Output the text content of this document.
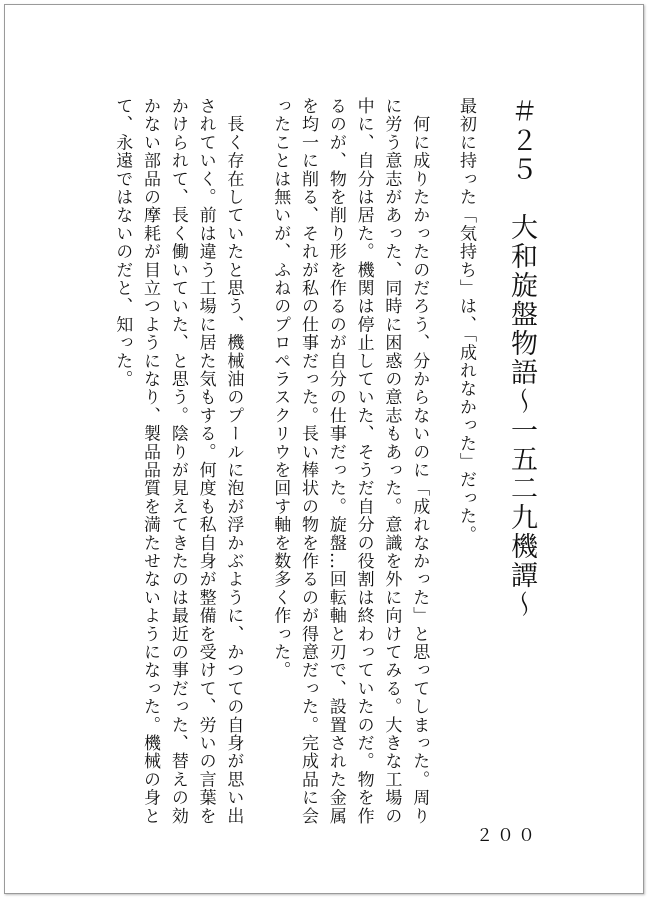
＃２５　大和旋盤物語～一五二九機譚～
最初に持った「気持ち」は、「成れなかった」だった。
　何に成りたかったのだろう、分からないのに「成れなかった」と思ってしまった。周り
に労う意志があった、同時に困惑の意志もあった。意識を外に向けてみる。大きな工場の
中に、自分は居た。機関は停止していた、そうだ自分の役割は終わっていたのだ。物を作
るのが、物を削り形を作るのが自分の仕事だった。旋盤…回転軸と刃で、設置された金属
を均一に削る、それが私の仕事だった。長い棒状の物を作るのが得意だった。完成品に会
ったことは無いが、ふねのプロペラスクリウを回す軸を数多く作った。
　長く存在していたと思う、機械油のプールに泡が浮かぶように、かつての自身が思い出
されていく。前は違う工場に居た気もする。何度も私自身が整備を受けて、労いの言葉を
かけられて、長く働いていた、と思う。陰りが見えてきたのは最近の事だった、替えの効
かない部品の摩耗が目立つようになり、製品品質を満たせないようになった。機械の身と
て、永遠ではないのだと、知った。
２００
